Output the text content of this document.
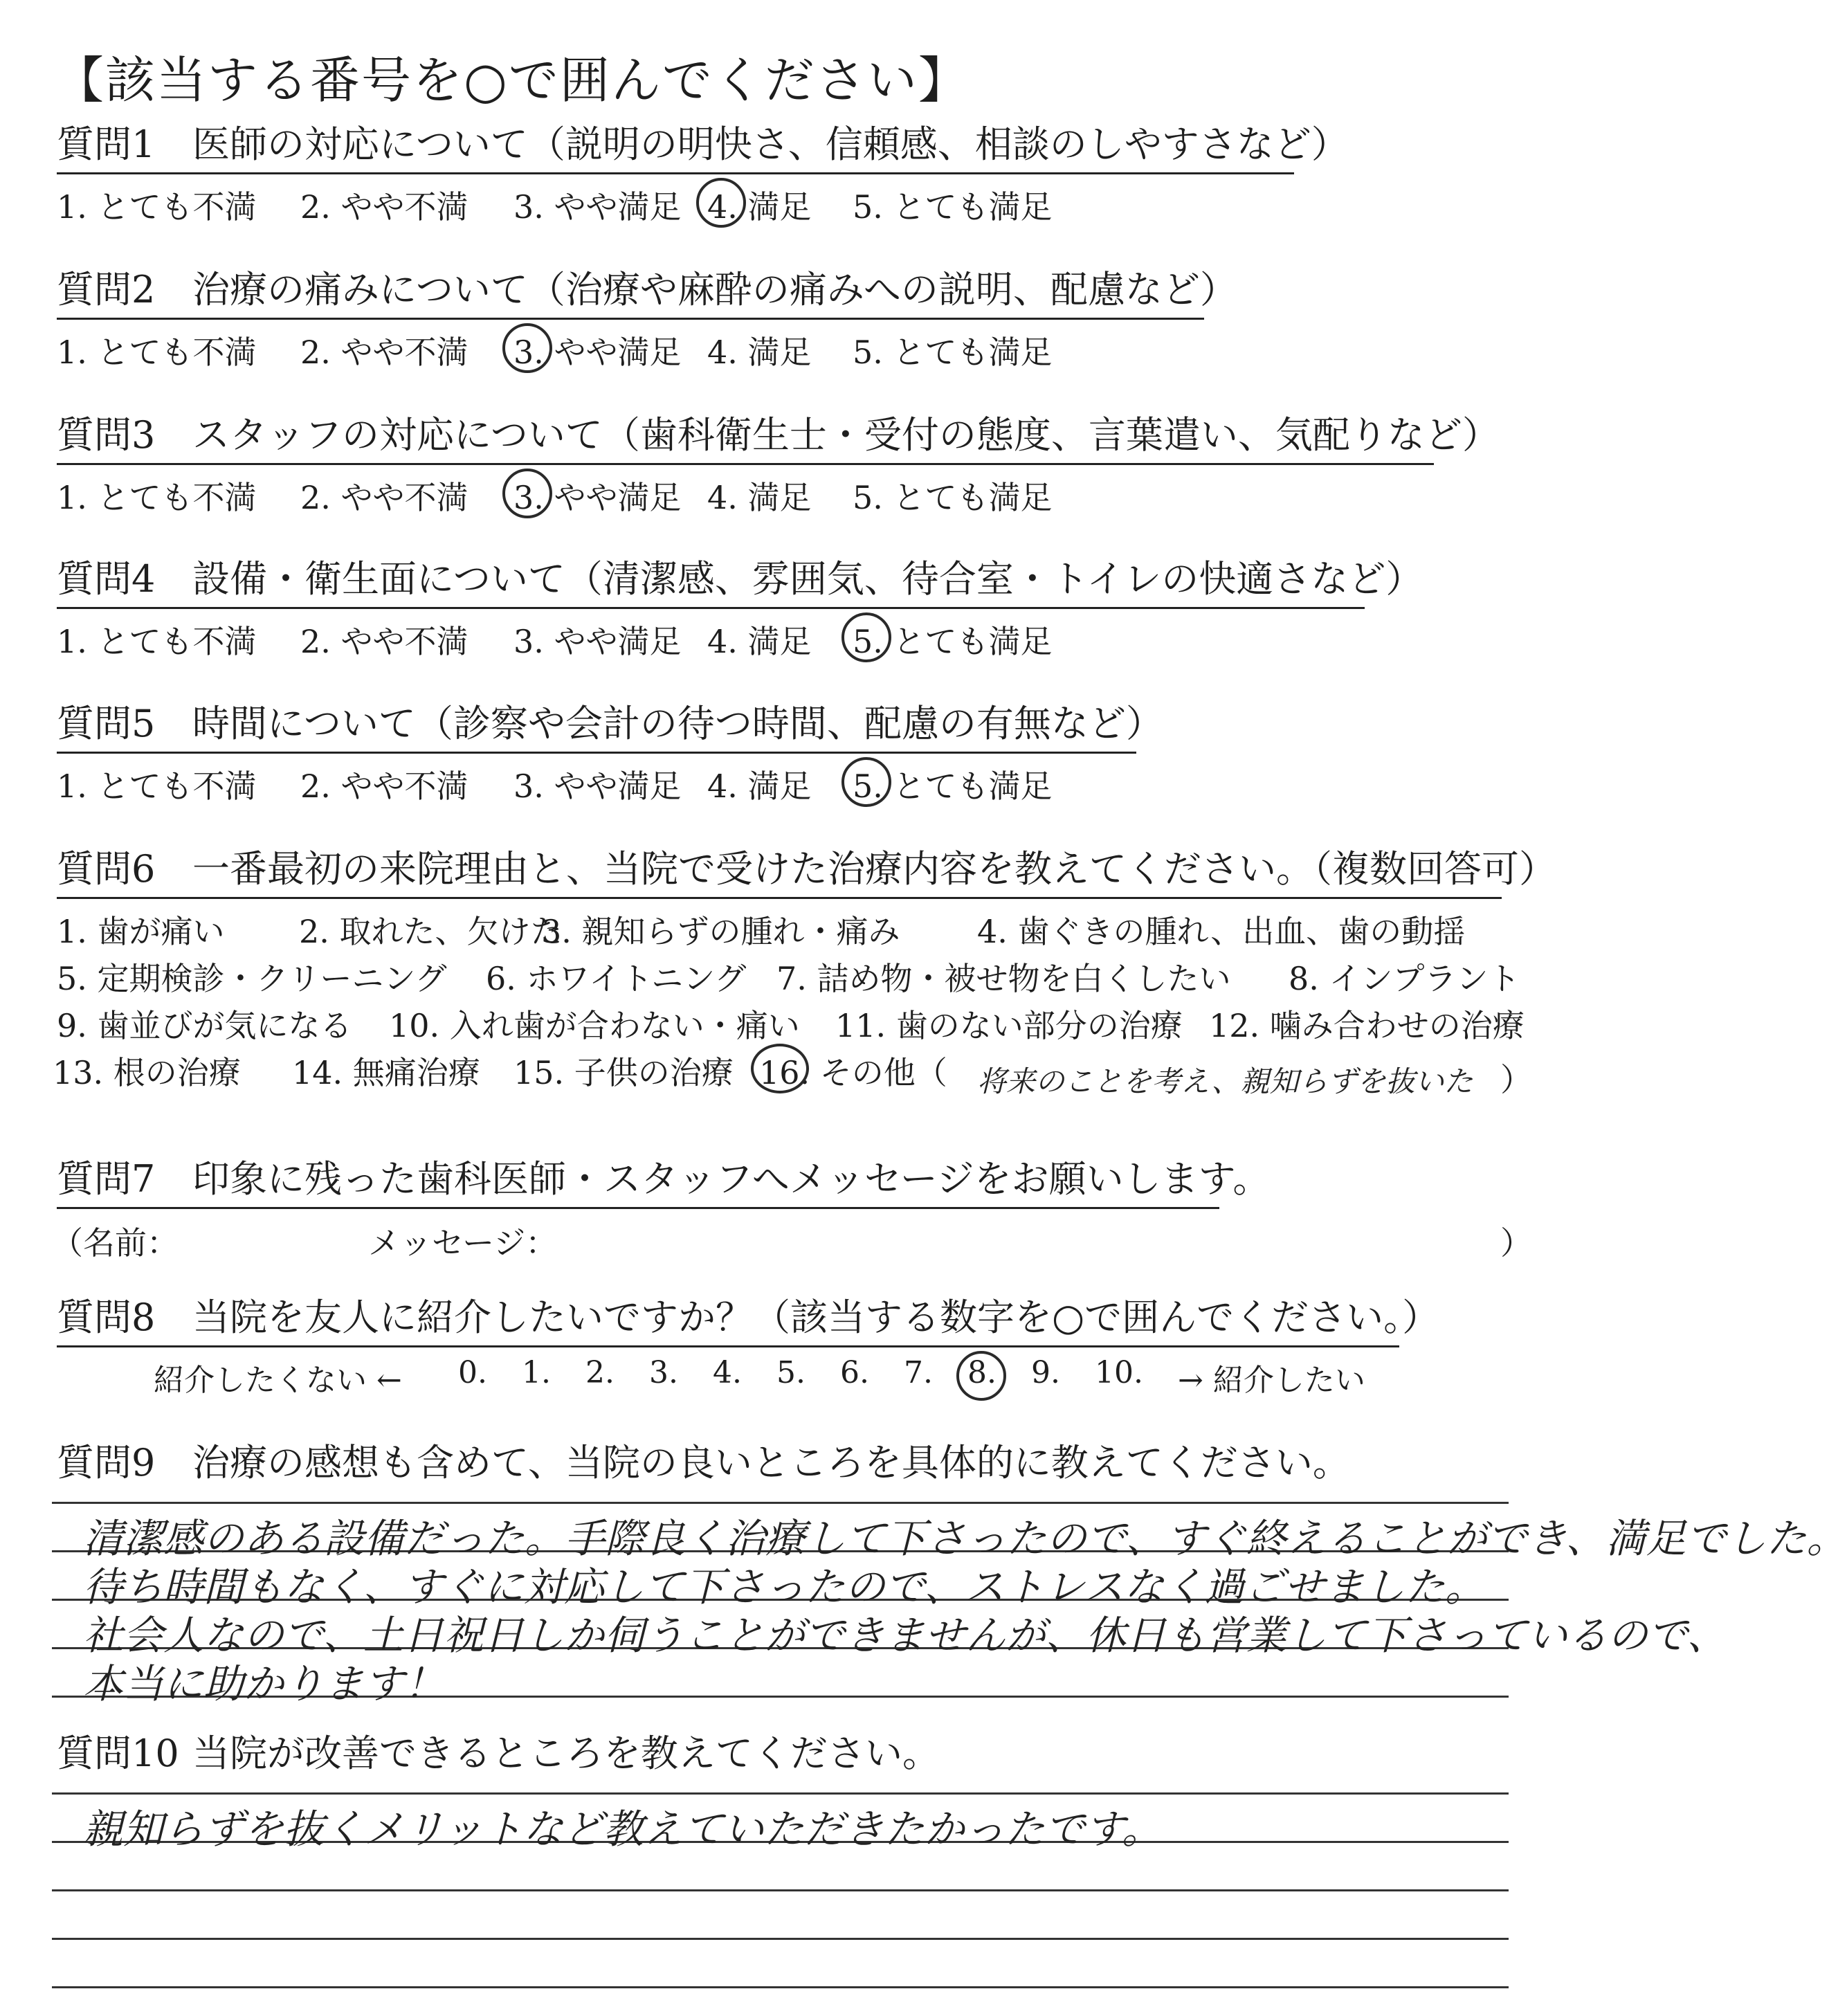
【該当する番号を○で囲んでください】
質問1 医師の対応について（説明の明快さ、信頼感、相談のしやすさなど）
1. とても不満 2. やや不満 3. やや満足 4. 満足 5. とても満足
質問2 治療の痛みについて（治療や麻酔の痛みへの説明、配慮など）
1. とても不満 2. やや不満 3. やや満足 4. 満足 5. とても満足
質問3 スタッフの対応について（歯科衛生士・受付の態度、言葉遣い、気配りなど）
1. とても不満 2. やや不満 3. やや満足 4. 満足 5. とても満足
質問4 設備・衛生面について（清潔感、雰囲気、待合室・トイレの快適さなど）
1. とても不満 2. やや不満 3. やや満足 4. 満足 5. とても満足
質問5 時間について（診察や会計の待つ時間、配慮の有無など）
1. とても不満 2. やや不満 3. やや満足 4. 満足 5. とても満足
質問6 一番最初の来院理由と、当院で受けた治療内容を教えてください。（複数回答可）
1. 歯が痛い 2. 取れた、欠けた
3. 親知らずの腫れ・痛み 4. 歯ぐきの腫れ、出血、歯の動揺
5. 定期検診・クリーニング 6. ホワイトニング 7. 詰め物・被せ物を白くしたい 8. インプラント
9. 歯並びが気になる 10. 入れ歯が合わない・痛い 11. 歯のない部分の治療 12. 噛み合わせの治療
13. 根の治療 14. 無痛治療 15. 子供の治療 16. その他（ 将来のことを考え、親知らずを抜いた ）
質問7 印象に残った歯科医師・スタッフへメッセージをお願いします。
（名前：	メッセージ：	）
質問8 当院を友人に紹介したいですか？（該当する数字を○で囲んでください。）
紹介したくない ← 0. 1. 2. 3. 4. 5. 6. 7. 8. 9. 10. → 紹介したい
質問9 治療の感想も含めて、当院の良いところを具体的に教えてください。
清潔感のある設備だった。手際良く治療して下さったので、すぐ終えることができ、満足でした。
待ち時間もなく、すぐに対応して下さったので、ストレスなく過ごせました。
社会人なので、土日祝日しか伺うことができませんが、休日も営業して下さっているので、
本当に助かります！
質問10 当院が改善できるところを教えてください。
親知らずを抜くメリットなど教えていただきたかったです。
